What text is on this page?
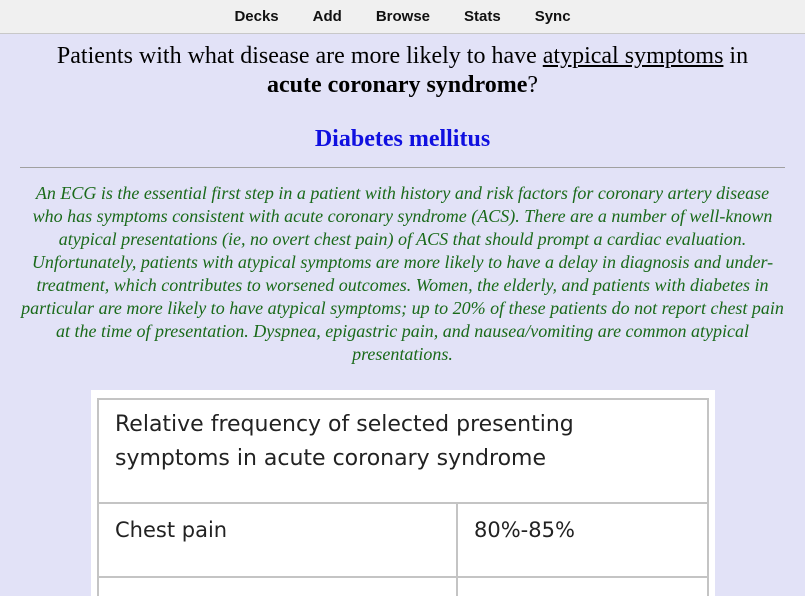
Decks Add Browse Stats Sync
Patients with what disease are more likely to have atypical symptoms in
acute coronary syndrome?
Diabetes mellitus
An ECG is the essential first step in a patient with history and risk factors for coronary artery disease who has symptoms consistent with acute coronary syndrome (ACS). There are a number of well-known atypical presentations (ie, no overt chest pain) of ACS that should prompt a cardiac evaluation. Unfortunately, patients with atypical symptoms are more likely to have a delay in diagnosis and under-treatment, which contributes to worsened outcomes. Women, the elderly, and patients with diabetes in particular are more likely to have atypical symptoms; up to 20% of these patients do not report chest pain at the time of presentation. Dyspnea, epigastric pain, and nausea/vomiting are common atypical presentations.
Relative frequency of selected presenting symptoms in acute coronary syndrome	
Chest pain	80%-85%
